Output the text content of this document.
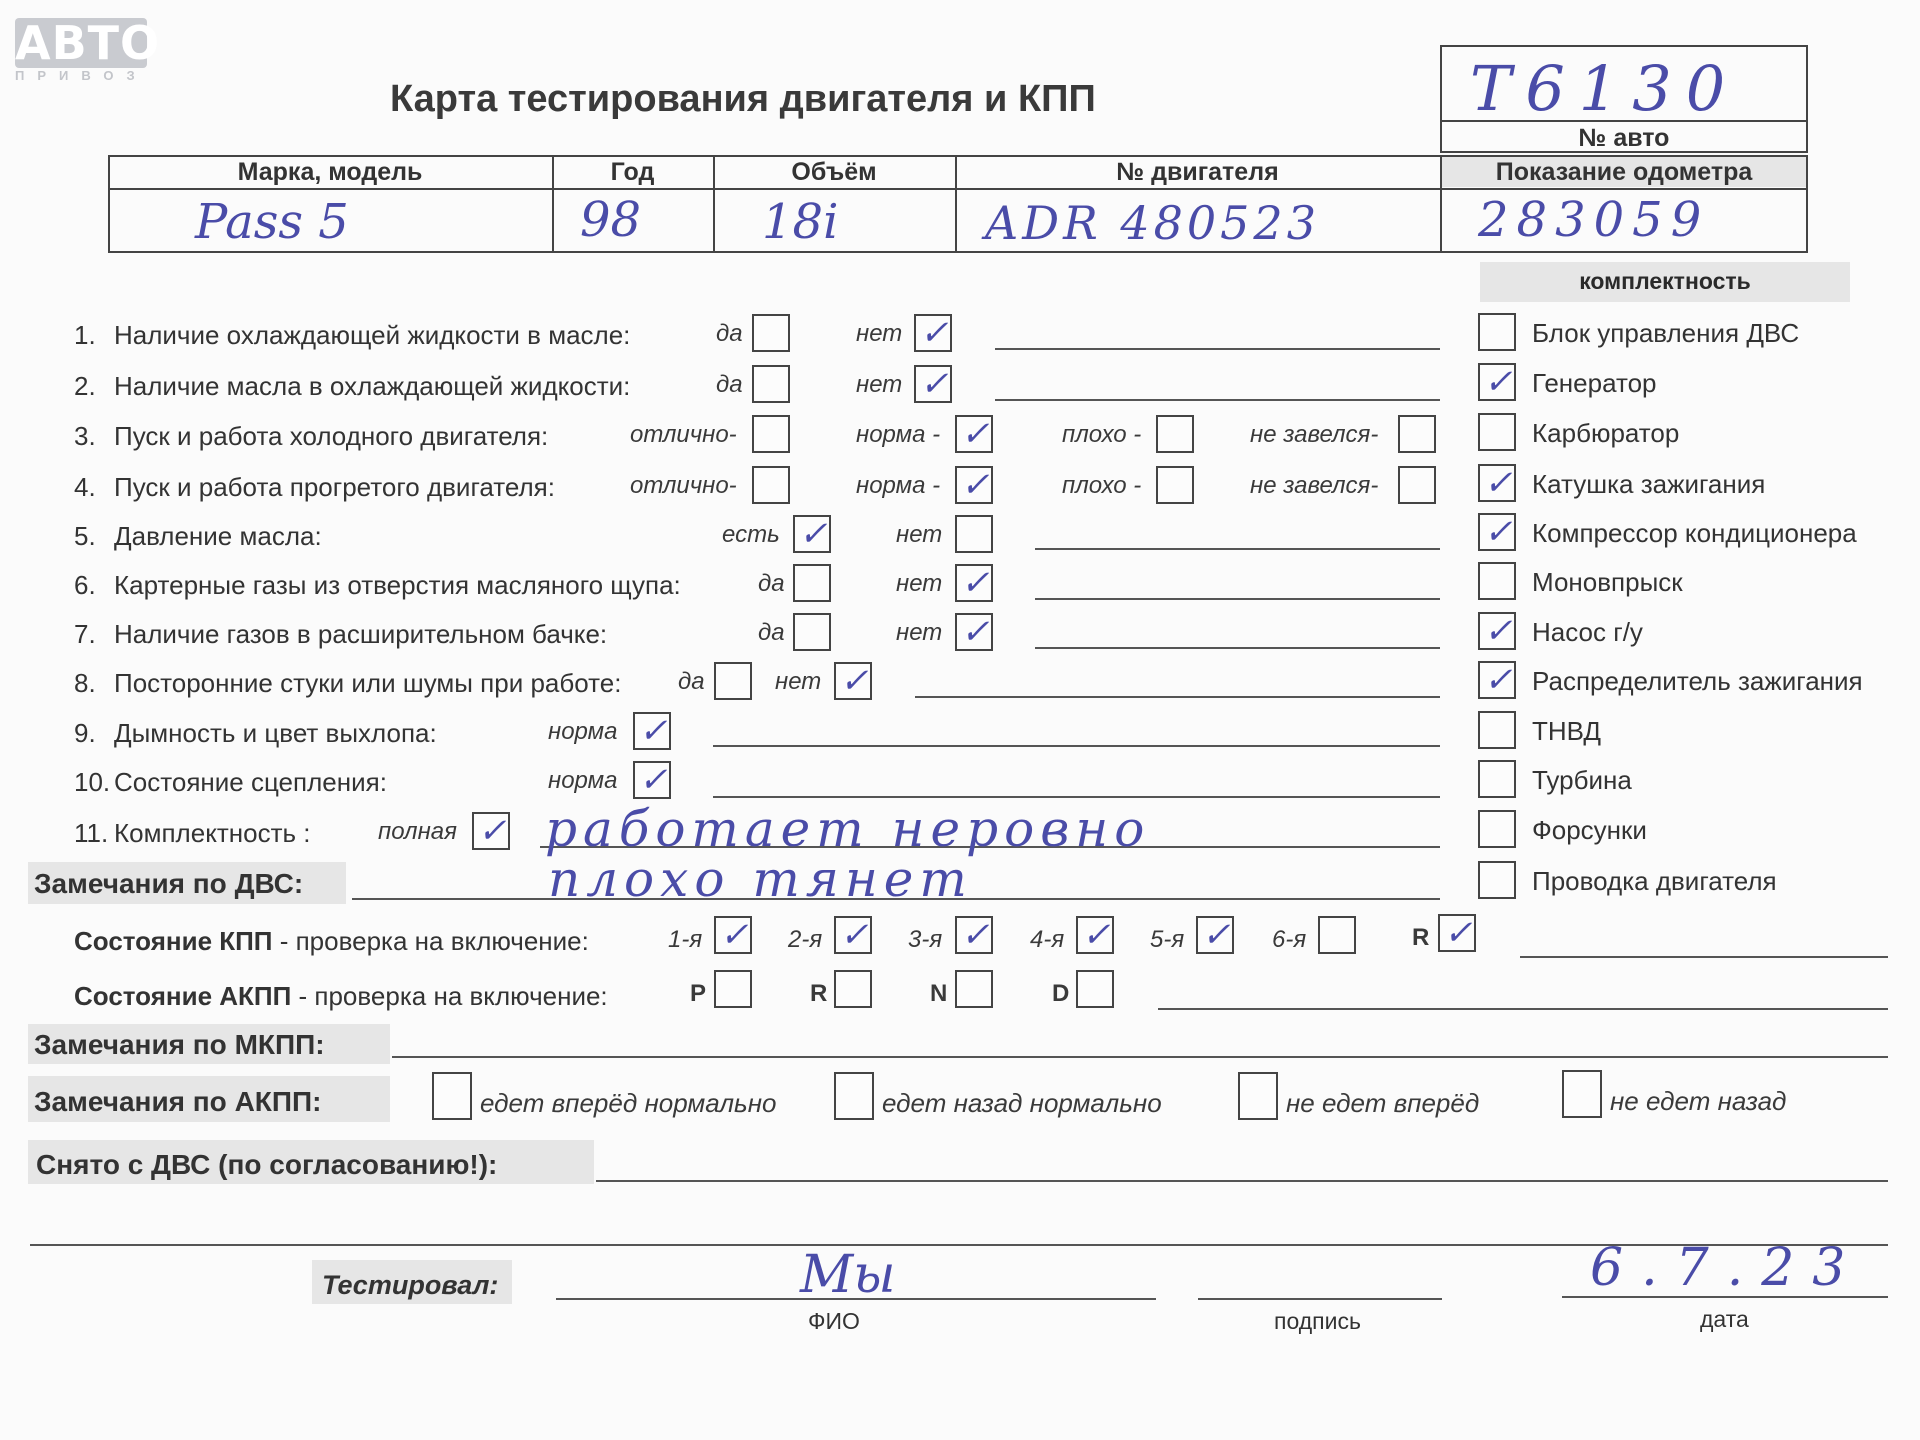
АВТО
ПРИВОЗ
Карта тестирования двигателя и КПП	Т6130
№ авто
Марка, модель	Год	Объём	№ двигателя	Показание одометра
Pass 5	98	18i	ADR 480523	283059
комплектность
Блок управления ДВС
✓ Генератор
Карбюратор
✓ Катушка зажигания
✓ Компрессор кондиционера
Моновпрыск
✓ Насос г/у
✓ Распределитель зажигания
ТНВД
Турбина
Форсунки
Проводка двигателя
1. Наличие охлаждающей жидкости в масле:	да	нет ✓
2. Наличие масла в охлаждающей жидкости:	да	нет ✓
3. Пуск и работа холодного двигателя:	отлично-	норма - ✓	плохо -	не завелся-
4. Пуск и работа прогретого двигателя:	отлично-	норма - ✓	плохо -	не завелся-
5. Давление масла:	есть ✓	нет
6. Картерные газы из отверстия масляного щупа:	да	нет ✓
7. Наличие газов в расширительном бачке:	да	нет ✓
8. Посторонние стуки или шумы при работе: да	нет ✓
9. Дымность и цвет выхлопа:	норма ✓
10. Состояние сцепления:	норма ✓
11. Комплектность :	полная ✓ работает неровно
Замечания по ДВС:	плохо тянет
Состояние КПП - проверка на включение:	1-я ✓ 2-я ✓ 3-я ✓ 4-я ✓ 5-я ✓ 6-я	R ✓
Состояние АКПП - проверка на включение:	P	R	N	D
Замечания по МКПП:
Замечания по АКПП:	едет вперёд нормально	едет назад нормально	не едет вперёд	не едет назад
Снято с ДВС (по согласованию!):
Тестировал:	Мы
ФИО	подпись
6.7.23
дата
